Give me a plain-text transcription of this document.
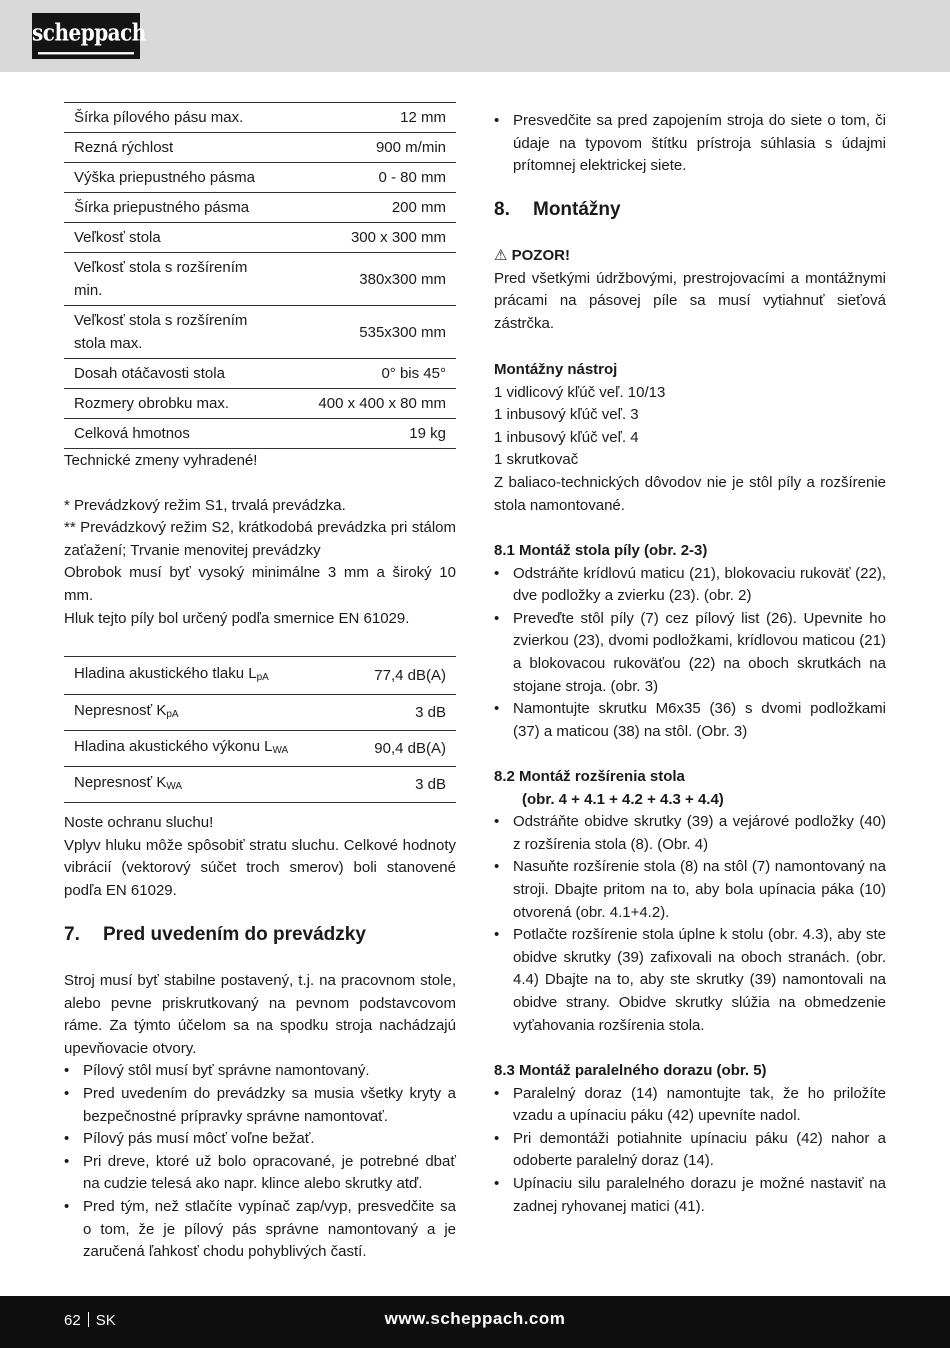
scheppach
Šírka pílového pásu max.	12 mm
Rezná rýchlost	900 m/min
Výška priepustného pásma	0 - 80 mm
Šírka priepustného pásma	200 mm
Veľkosť stola	300 x 300 mm
Veľkosť stola s rozšírením min.	380x300 mm
Veľkosť stola s rozšírením stola max.	535x300 mm
Dosah otáčavosti stola	0° bis 45°
Rozmery obrobku max.	400 x 400 x 80 mm
Celková hmotnos	19 kg

Technické zmeny vyhradené!

* Prevádzkový režim S1, trvalá prevádzka.

** Prevádzkový režim S2, krátkodobá prevádzka pri stálom zaťažení; Trvanie menovitej prevádzky

Obrobok musí byť vysoký minimálne 3 mm a široký 10 mm.

Hluk tejto píly bol určený podľa smernice EN 61029.

Hladina akustického tlaku $L_{pA}$	77,4 dB(A)
Nepresnosť $K_{pA}$	3 dB
Hladina akustického výkonu $L_{WA}$	90,4 dB(A)
Nepresnosť $K_{WA}$	3 dB

Noste ochranu sluchu!

Vplyv hluku môže spôsobiť stratu sluchu. Celkové hodnoty vibrácií (vektorový súčet troch smerov) boli stanovené podľa EN 61029.

7. Pred uvedením do prevádzky

Stroj musí byť stabilne postavený, t.j. na pracovnom stole, alebo pevne priskrutkovaný na pevnom podstavcovom ráme. Za týmto účelom sa na spodku stroja nachádzajú upevňovacie otvory.

• Pílový stôl musí byť správne namontovaný.
• Pred uvedením do prevádzky sa musia všetky kryty a bezpečnostné prípravky správne namontovať.
• Pílový pás musí môcť voľne bežať.
• Pri dreve, ktoré už bolo opracované, je potrebné dbať na cudzie telesá ako napr. klince alebo skrutky atď.
• Pred tým, než stlačíte vypínač zap/vyp, presvedčite sa o tom, že je pílový pás správne namontovaný a je zaručená ľahkosť chodu pohyblivých častí.
• Presvedčite sa pred zapojením stroja do siete o tom, či údaje na typovom štítku prístroja súhlasia s údajmi prítomnej elektrickej siete.
8. Montážny

⚠ POZOR!

Pred všetkými údržbovými, prestrojovacími a montážnymi prácami na pásovej píle sa musí vytiahnuť sieťová zástrčka.

Montážny nástroj

1 vidlicový kľúč veľ. 10/13

1 inbusový kľúč veľ. 3

1 inbusový kľúč veľ. 4

1 skrutkovač

Z baliaco-technických dôvodov nie je stôl píly a rozšírenie stola namontované.

8.1 Montáž stola píly (obr. 2-3)
• Odstráňte krídlovú maticu (21), blokovaciu rukoväť (22), dve podložky a zvierku (23). (obr. 2)
• Preveďte stôl píly (7) cez pílový list (26). Upevnite ho zvierkou (23), dvomi podložkami, krídlovou maticou (21) a blokovacou rukoväťou (22) na oboch skrutkách na stojane stroja. (obr. 3)
• Namontujte skrutku M6x35 (36) s dvomi podložkami (37) a maticou (38) na stôl. (Obr. 3)
8.2 Montáž rozšírenia stola
(obr. 4 + 4.1 + 4.2 + 4.3 + 4.4)
• Odstráňte obidve skrutky (39) a vejárové podložky (40) z rozšírenia stola (8). (Obr. 4)
• Nasuňte rozšírenie stola (8) na stôl (7) namontovaný na stroji. Dbajte pritom na to, aby bola upínacia páka (10) otvorená (obr. 4.1+4.2).
• Potlačte rozšírenie stola úplne k stolu (obr. 4.3), aby ste obidve skrutky (39) zafixovali na oboch stranách. (obr. 4.4) Dbajte na to, aby ste skrutky (39) namontovali na obidve strany. Obidve skrutky slúžia na obmedzenie vyťahovania rozšírenia stola.
8.3 Montáž paralelného dorazu (obr. 5)
• Paralelný doraz (14) namontujte tak, že ho priložíte vzadu a upínaciu páku (42) upevníte nadol.
• Pri demontáži potiahnite upínaciu páku (42) nahor a odoberte paralelný doraz (14).
• Upínaciu silu paralelného dorazu je možné nastaviť na zadnej ryhovanej matici (41).
62 SK	www.scheppach.com
